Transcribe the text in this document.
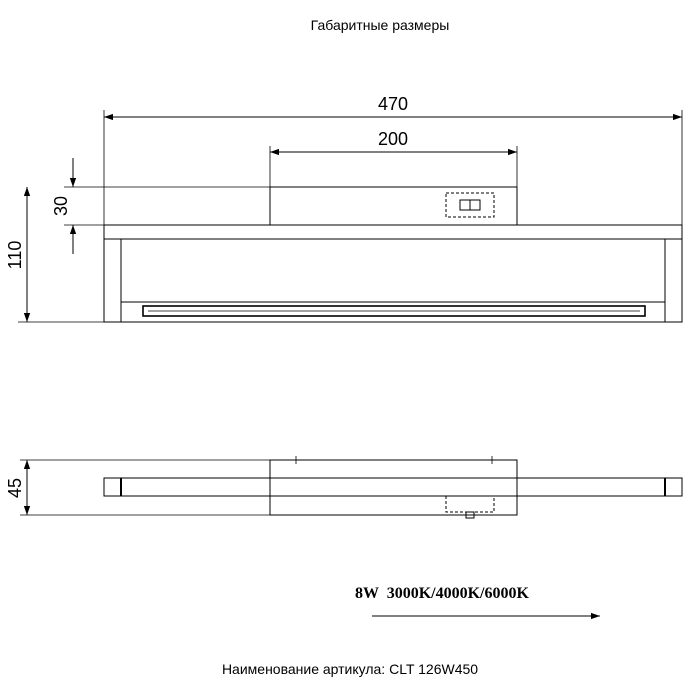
Габаритные размеры
470
200
30
110
45
8W  3000K/4000K/6000K
Наименование артикула: CLT 126W450
